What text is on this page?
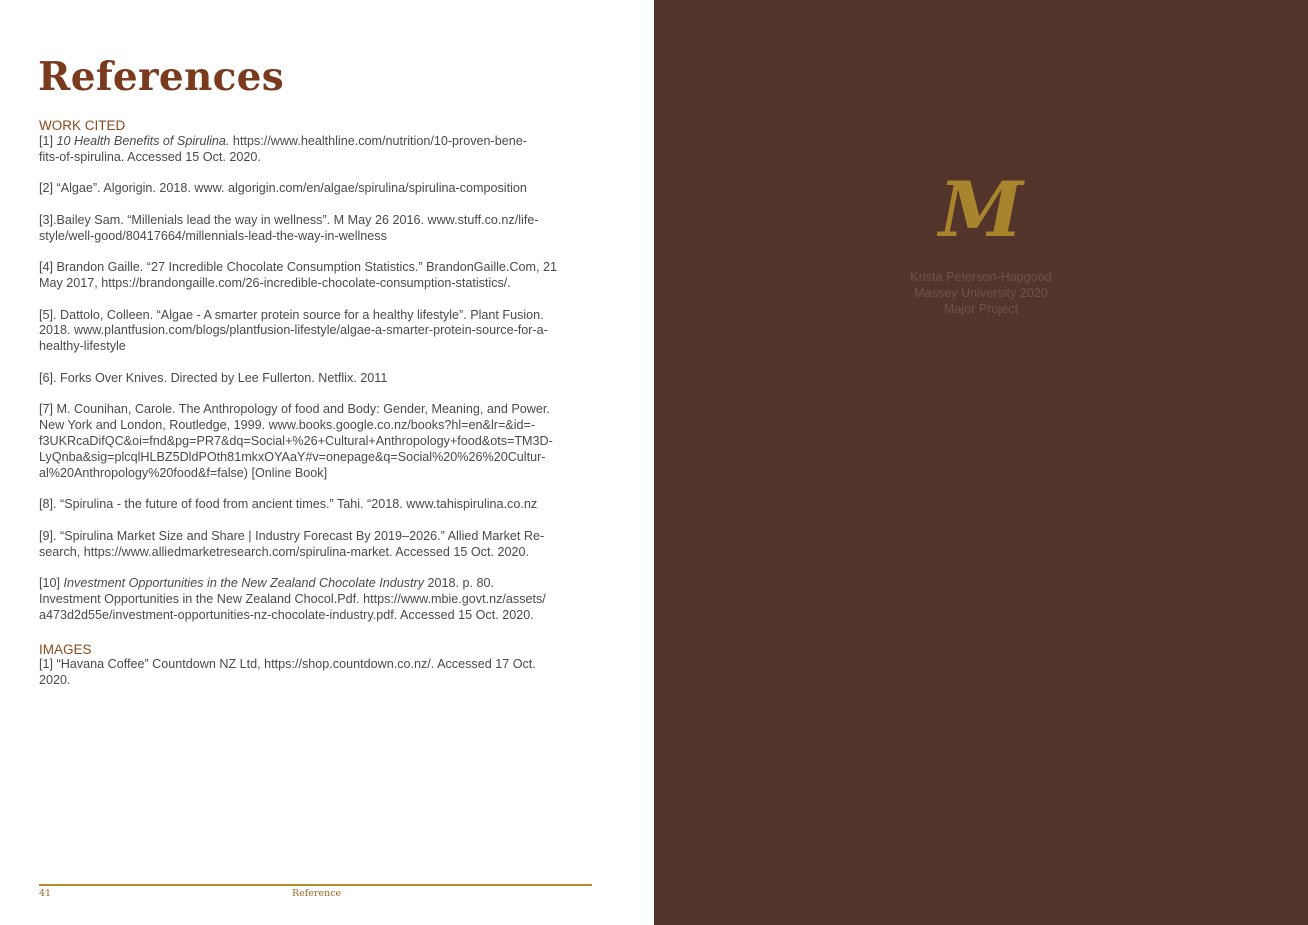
References
WORK CITED
[1] 10 Health Benefits of Spirulina. https://www.healthline.com/nutrition/10-proven-bene-
fits-of-spirulina. Accessed 15 Oct. 2020.
[2] “Algae”. Algorigin. 2018. www. algorigin.com/en/algae/spirulina/spirulina-composition
[3].Bailey Sam. “Millenials lead the way in wellness”. M May 26 2016. www.stuff.co.nz/life-
style/well-good/80417664/millennials-lead-the-way-in-wellness
[4] Brandon Gaille. “27 Incredible Chocolate Consumption Statistics.” BrandonGaille.Com, 21
May 2017, https://brandongaille.com/26-incredible-chocolate-consumption-statistics/.
[5]. Dattolo, Colleen. “Algae - A smarter protein source for a healthy lifestyle”. Plant Fusion.
2018. www.plantfusion.com/blogs/plantfusion-lifestyle/algae-a-smarter-protein-source-for-a-
healthy-lifestyle
[6]. Forks Over Knives. Directed by Lee Fullerton. Netflix. 2011
[7] M. Counihan, Carole. The Anthropology of food and Body: Gender, Meaning, and Power.
New York and London, Routledge, 1999. www.books.google.co.nz/books?hl=en&lr=&id=-
f3UKRcaDifQC&oi=fnd&pg=PR7&dq=Social+%26+Cultural+Anthropology+food&ots=TM3D-
LyQnba&sig=plcqlHLBZ5DldPOth81mkxOYAaY#v=onepage&q=Social%20%26%20Cultur-
al%20Anthropology%20food&f=false) [Online Book]
[8]. “Spirulina - the future of food from ancient times.” Tahi. “2018. www.tahispirulina.co.nz
[9]. “Spirulina Market Size and Share | Industry Forecast By 2019–2026.” Allied Market Re-
search, https://www.alliedmarketresearch.com/spirulina-market. Accessed 15 Oct. 2020.
[10] Investment Opportunities in the New Zealand Chocolate Industry 2018. p. 80.
Investment Opportunities in the New Zealand Chocol.Pdf. https://www.mbie.govt.nz/assets/
a473d2d55e/investment-opportunities-nz-chocolate-industry.pdf. Accessed 15 Oct. 2020.
IMAGES
[1] “Havana Coffee” Countdown NZ Ltd, https://shop.countdown.co.nz/. Accessed 17 Oct.
2020.
41	Reference
M
Krista Peterson-Hopgood
Massey University 2020
Major Project
